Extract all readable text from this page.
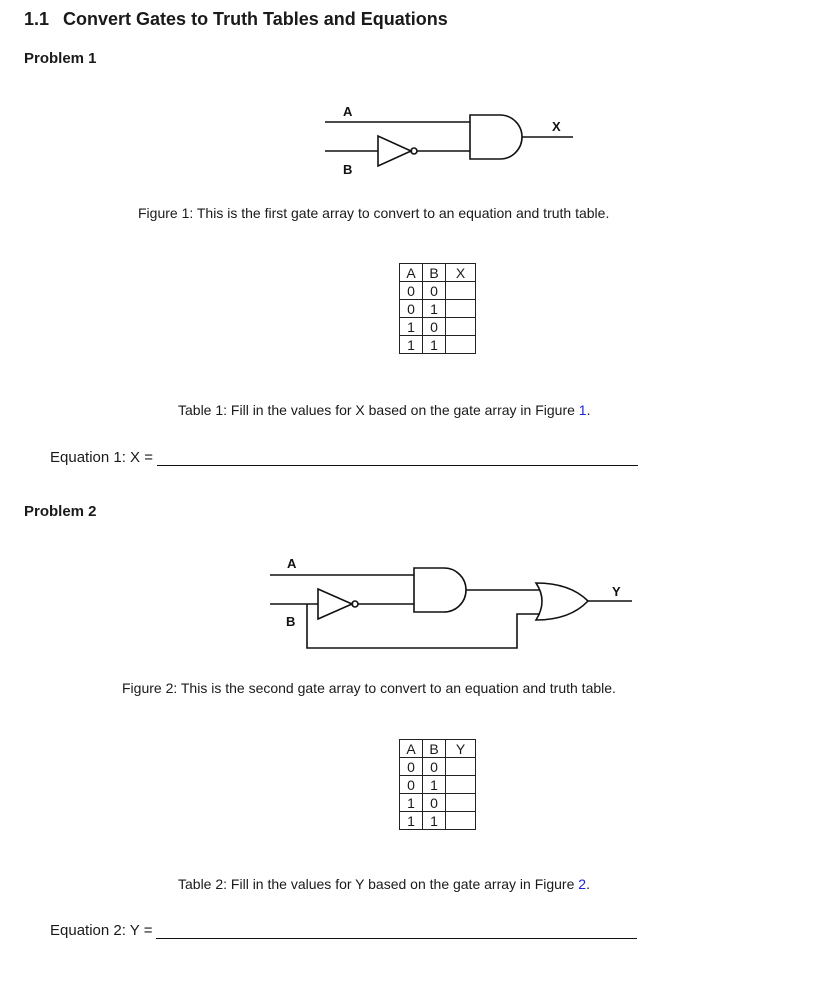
1.1 Convert Gates to Truth Tables and Equations
Problem 1
A
B
X
Figure 1: This is the first gate array to convert to an equation and truth table.
A	B	X
0	0	
0	1	
1	0	
1	1	
Table 1: Fill in the values for X based on the gate array in Figure 1.
Equation 1: X =
Problem 2
A
B
Y
Figure 2: This is the second gate array to convert to an equation and truth table.
A	B	Y
0	0	
0	1	
1	0	
1	1	
Table 2: Fill in the values for Y based on the gate array in Figure 2.
Equation 2: Y =
